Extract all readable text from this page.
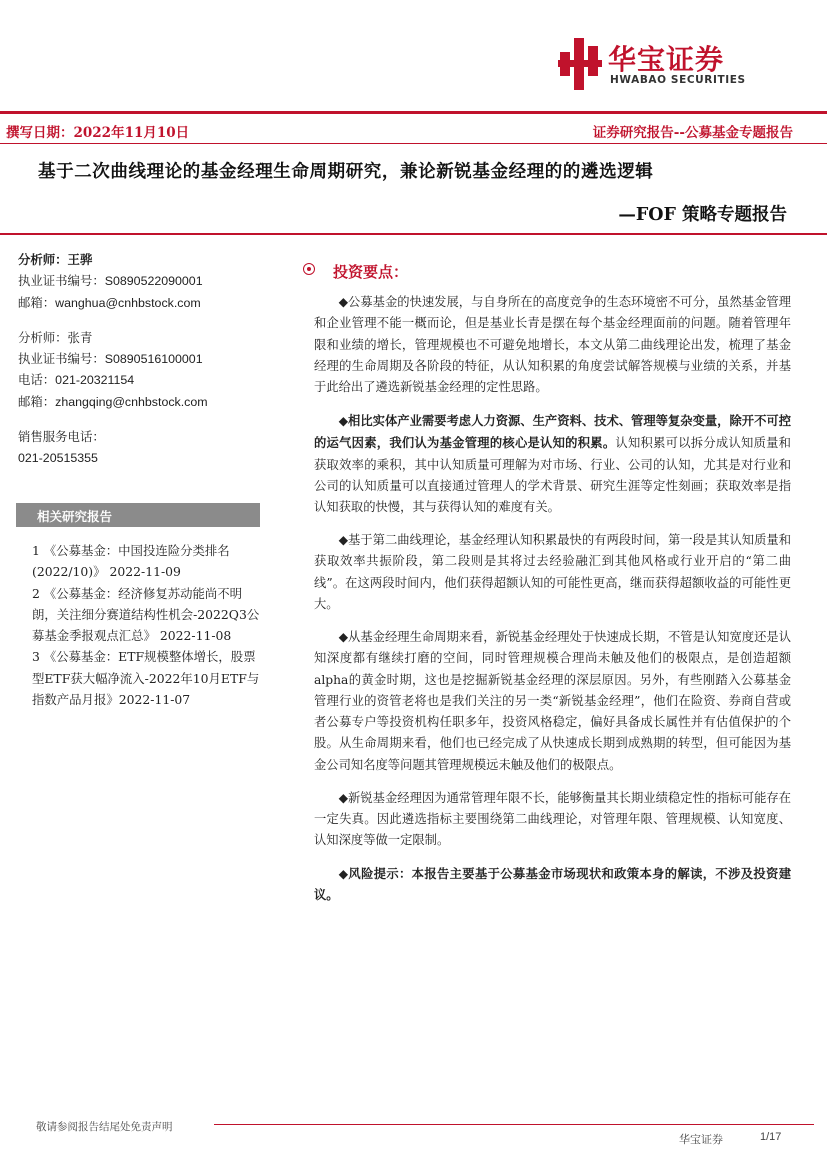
华宝证券
HWABAO SECURITIES
撰写日期：2022年11月10日	证券研究报告--公募基金专题报告
基于二次曲线理论的基金经理生命周期研究，兼论新锐基金经理的的遴选逻辑
—FOF 策略专题报告
分析师：王骅
执业证书编号：S0890522090001
邮箱：wanghua@cnhbstock.com
分析师：张青
执业证书编号：S0890516100001
电话：021-20321154
邮箱：zhangqing@cnhbstock.com
销售服务电话：
021-20515355
相关研究报告
1 《公募基金：中国投连险分类排名(2022/10)》 2022-11-09
2 《公募基金：经济修复苏动能尚不明朗，关注细分赛道结构性机会-2022Q3公募基金季报观点汇总》 2022-11-08
3 《公募基金：ETF规模整体增长，股票型ETF获大幅净流入-2022年10月ETF与指数产品月报》2022-11-07
投资要点：

◆公募基金的快速发展，与自身所在的高度竞争的生态环境密不可分，虽然基金管理和企业管理不能一概而论，但是基业长青是摆在每个基金经理面前的问题。随着管理年限和业绩的增长，管理规模也不可避免地增长，本文从第二曲线理论出发，梳理了基金经理的生命周期及各阶段的特征，从认知积累的角度尝试解答规模与业绩的关系，并基于此给出了遴选新锐基金经理的定性思路。

◆相比实体产业需要考虑人力资源、生产资料、技术、管理等复杂变量，除开不可控的运气因素，我们认为基金管理的核心是认知的积累。认知积累可以拆分成认知质量和获取效率的乘积，其中认知质量可理解为对市场、行业、公司的认知，尤其是对行业和公司的认知质量可以直接通过管理人的学术背景、研究生涯等定性刻画；获取效率是指认知获取的快慢，其与获得认知的难度有关。

◆基于第二曲线理论，基金经理认知积累最快的有两段时间，第一段是其认知质量和获取效率共振阶段，第二段则是其将过去经验融汇到其他风格或行业开启的“第二曲线”。在这两段时间内，他们获得超额认知的可能性更高，继而获得超额收益的可能性更大。

◆从基金经理生命周期来看，新锐基金经理处于快速成长期，不管是认知宽度还是认知深度都有继续打磨的空间，同时管理规模合理尚未触及他们的极限点，是创造超额alpha的黄金时期，这也是挖掘新锐基金经理的深层原因。另外，有些刚踏入公募基金管理行业的资管老将也是我们关注的另一类“新锐基金经理”，他们在险资、券商自营或者公募专户等投资机构任职多年，投资风格稳定，偏好具备成长属性并有估值保护的个股。从生命周期来看，他们也已经完成了从快速成长期到成熟期的转型，但可能因为基金公司知名度等问题其管理规模远未触及他们的极限点。

◆新锐基金经理因为通常管理年限不长，能够衡量其长期业绩稳定性的指标可能存在一定失真。因此遴选指标主要围绕第二曲线理论，对管理年限、管理规模、认知宽度、认知深度等做一定限制。

◆风险提示：本报告主要基于公募基金市场现状和政策本身的解读，不涉及投资建议。

敬请参阅报告结尾处免责声明
华宝证券	1/17
